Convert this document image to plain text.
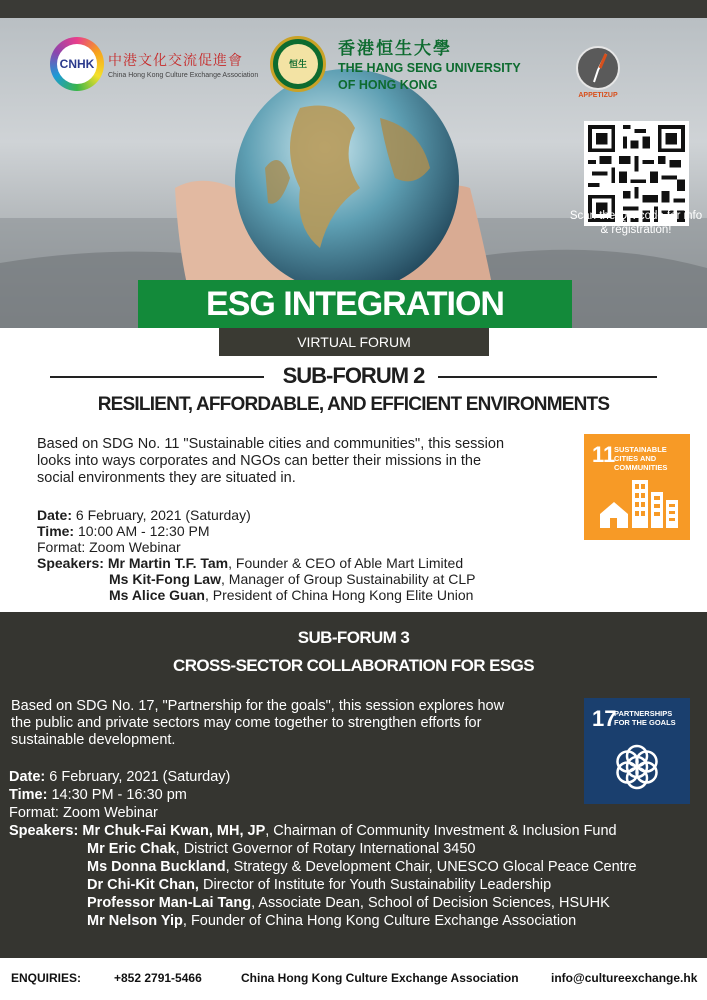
CNHK 中港文化交流促進會
China Hong Kong Culture Exchange Association
恒生
香港恒生大學
THE HANG SENG UNIVERSITY
OF HONG KONG
APPETIZUP
Scan the QR code for info & registration!
ESG INTEGRATION
VIRTUAL FORUM
SUB-FORUM 2
RESILIENT, AFFORDABLE, AND EFFICIENT ENVIRONMENTS
Based on SDG No. 11 "Sustainable cities and communities", this session looks into ways corporates and NGOs can better their missions in the social environments they are situated in.
11
SUSTAINABLE CITIES AND COMMUNITIES
Date: 6 February, 2021 (Saturday)
Time: 10:00 AM - 12:30 PM
Format: Zoom Webinar
Speakers: Mr Martin T.F. Tam, Founder & CEO of Able Mart Limited
Ms Kit-Fong Law, Manager of Group Sustainability at CLP
Ms Alice Guan, President of China Hong Kong Elite Union
SUB-FORUM 3
CROSS-SECTOR COLLABORATION FOR ESGS
Based on SDG No. 17, "Partnership for the goals", this session explores how the public and private sectors may come together to strengthen efforts for sustainable development.
17
PARTNERSHIPS FOR THE GOALS
Date: 6 February, 2021 (Saturday)
Time: 14:30 PM - 16:30 pm
Format: Zoom Webinar
Speakers: Mr Chuk-Fai Kwan, MH, JP, Chairman of Community Investment & Inclusion Fund
Mr Eric Chak, District Governor of Rotary International 3450
Ms Donna Buckland, Strategy & Development Chair, UNESCO Glocal Peace Centre
Dr Chi-Kit Chan, Director of Institute for Youth Sustainability Leadership
Professor Man-Lai Tang, Associate Dean, School of Decision Sciences, HSUHK
Mr Nelson Yip, Founder of China Hong Kong Culture Exchange Association
ENQUIRIES:	+852 2791-5466	China Hong Kong Culture Exchange Association	info@cultureexchange.hk
